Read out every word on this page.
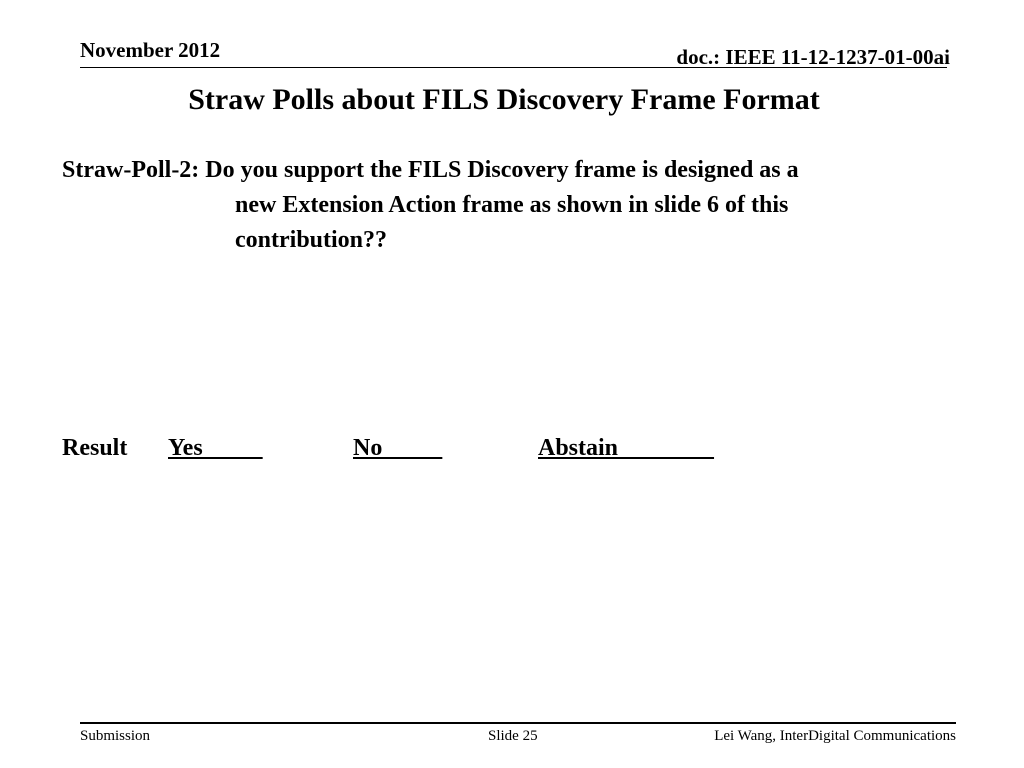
November 2012	doc.: IEEE 11-12-1237-01-00ai
Straw Polls about FILS Discovery Frame Format
Straw-Poll-2: Do you support the FILS Discovery frame is designed as a
new Extension Action frame as shown in slide 6 of this
contribution??
Result Yes	No	Abstain
Submission	Slide 25	Lei Wang, InterDigital Communications
